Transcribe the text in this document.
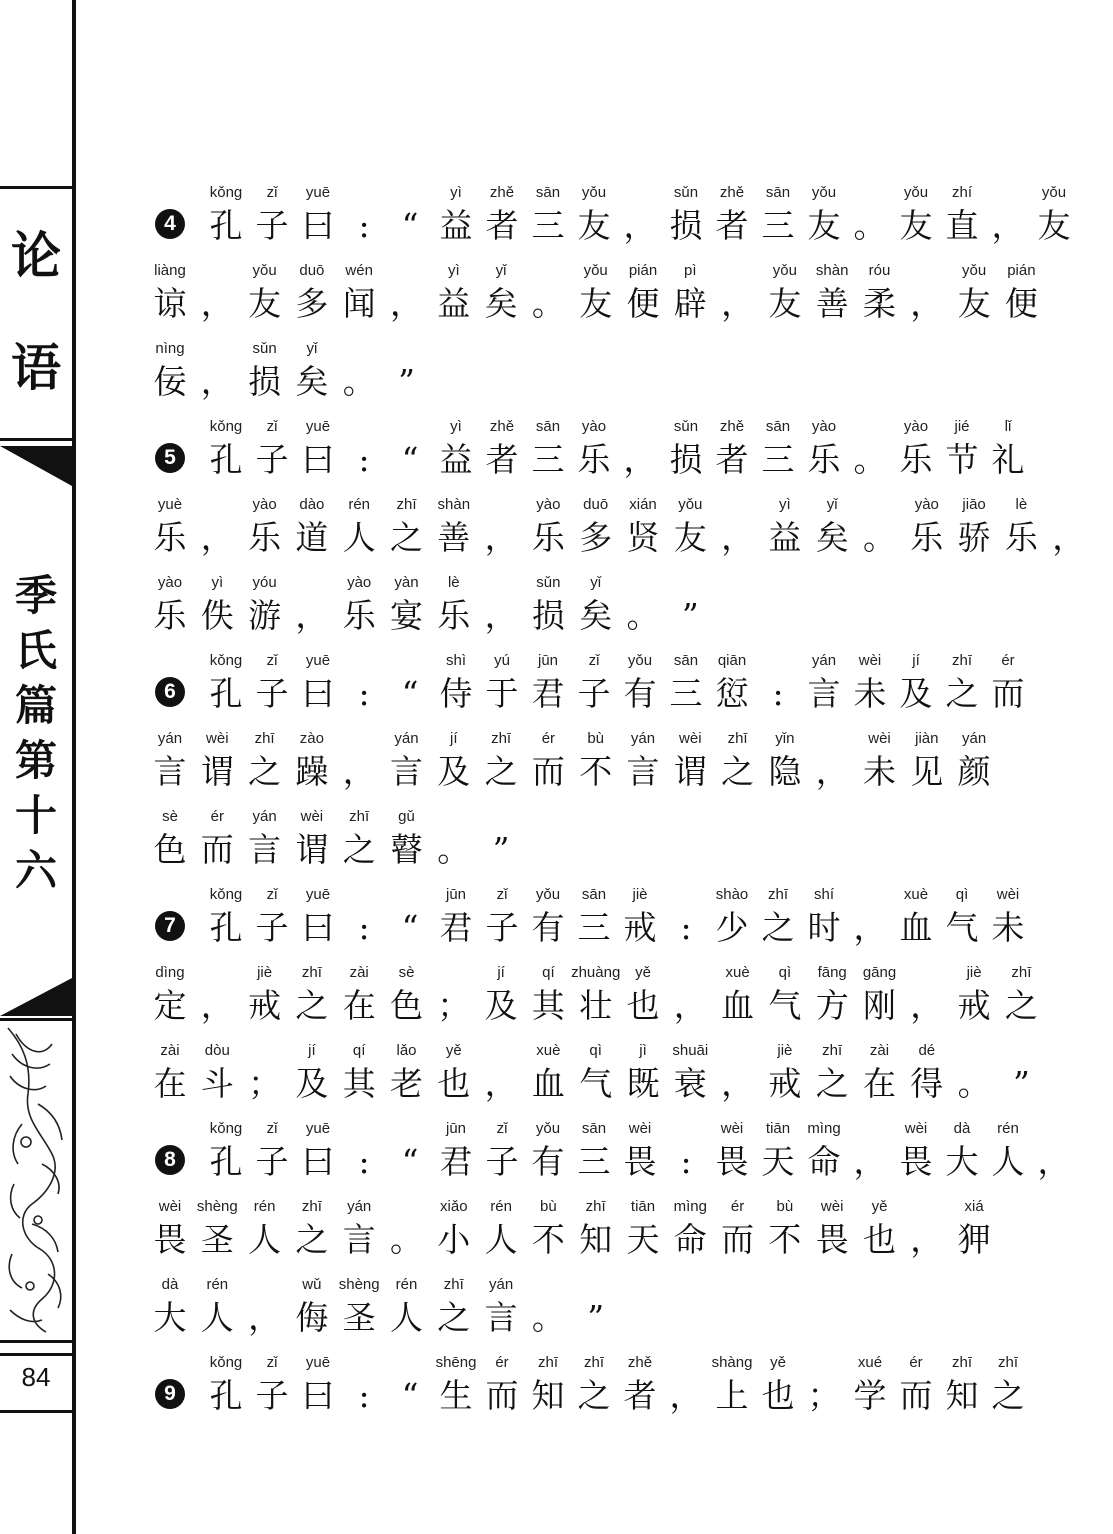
论
语
季
氏
篇
第
十
六
84
4
kǒng
孔
zǐ
子
yuē
曰 : “
yì
益
zhě
者
sān
三
yǒu
友 ，
sǔn
损
zhě
者
sān
三
yǒu
友 。
yǒu
友
zhí
直 ，
yǒu
友
liàng
谅 ，
yǒu
友
duō
多
wén
闻 ，
yì
益
yǐ
矣 。
yǒu
友
pián
便
pì
辟 ，
yǒu
友
shàn
善
róu
柔 ，
yǒu
友
pián
便
nìng
佞 ，
sǔn
损
yǐ
矣 。 ”
5
kǒng
孔
zǐ
子
yuē
曰 : “
yì
益
zhě
者
sān
三
yào
乐 ，
sǔn
损
zhě
者
sān
三
yào
乐 。
yào
乐
jié
节
lǐ
礼
yuè
乐 ，
yào
乐
dào
道
rén
人
zhī
之
shàn
善 ，
yào
乐
duō
多
xián
贤
yǒu
友 ，
yì
益
yǐ
矣 。
yào
乐
jiāo
骄
lè
乐 ，
yào
乐
yì
佚
yóu
游 ，
yào
乐
yàn
宴
lè
乐 ，
sǔn
损
yǐ
矣 。 ”
6
kǒng
孔
zǐ
子
yuē
曰 : “
shì
侍
yú
于
jūn
君
zǐ
子
yǒu
有
sān
三
qiān
愆 :
yán
言
wèi
未
jí
及
zhī
之
ér
而
yán
言
wèi
谓
zhī
之
zào
躁 ，
yán
言
jí
及
zhī
之
ér
而
bù
不
yán
言
wèi
谓
zhī
之
yǐn
隐 ，
wèi
未
jiàn
见
yán
颜
sè
色
ér
而
yán
言
wèi
谓
zhī
之
gǔ
瞽 。 ”
7
kǒng
孔
zǐ
子
yuē
曰 : “
jūn
君
zǐ
子
yǒu
有
sān
三
jiè
戒 :
shào
少
zhī
之
shí
时 ，
xuè
血
qì
气
wèi
未
dìng
定 ，
jiè
戒
zhī
之
zài
在
sè
色 ；
jí
及
qí
其
zhuàng
壮
yě
也 ，
xuè
血
qì
气
fāng
方
gāng
刚 ，
jiè
戒
zhī
之
zài
在
dòu
斗 ；
jí
及
qí
其
lǎo
老
yě
也 ，
xuè
血
qì
气
jì
既
shuāi
衰 ，
jiè
戒
zhī
之
zài
在
dé
得 。 ”
8
kǒng
孔
zǐ
子
yuē
曰 : “
jūn
君
zǐ
子
yǒu
有
sān
三
wèi
畏 :
wèi
畏
tiān
天
mìng
命 ，
wèi
畏
dà
大
rén
人 ，
wèi
畏
shèng
圣
rén
人
zhī
之
yán
言 。
xiǎo
小
rén
人
bù
不
zhī
知
tiān
天
mìng
命
ér
而
bù
不
wèi
畏
yě
也 ，
xiá
狎
dà
大
rén
人 ，
wǔ
侮
shèng
圣
rén
人
zhī
之
yán
言 。 ”
9
kǒng
孔
zǐ
子
yuē
曰 : “
shēng
生
ér
而
zhī
知
zhī
之
zhě
者 ，
shàng
上
yě
也 ；
xué
学
ér
而
zhī
知
zhī
之
